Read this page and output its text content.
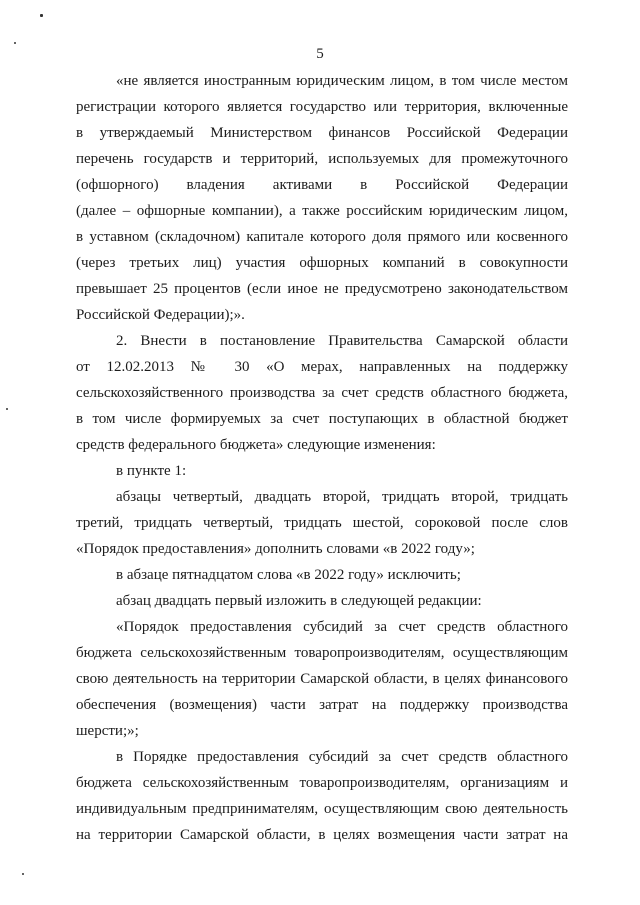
5
«не является иностранным юридическим лицом, в том числе местом
регистрации которого является государство или территория, включенные
в утверждаемый Министерством финансов Российской Федерации
перечень государств и территорий, используемых для промежуточного
(офшорного) владения активами в Российской Федерации
(далее – офшорные компании), а также российским юридическим лицом,
в уставном (складочном) капитале которого доля прямого или косвенного
(через третьих лиц) участия офшорных компаний в совокупности
превышает 25 процентов (если иное не предусмотрено законодательством
Российской Федерации);».
2. Внести в постановление Правительства Самарской области
от 12.02.2013 № 30 «О мерах, направленных на поддержку
сельскохозяйственного производства за счет средств областного бюджета,
в том числе формируемых за счет поступающих в областной бюджет
средств федерального бюджета» следующие изменения:
в пункте 1:
абзацы четвертый, двадцать второй, тридцать второй, тридцать
третий, тридцать четвертый, тридцать шестой, сороковой после слов
«Порядок предоставления» дополнить словами «в 2022 году»;
в абзаце пятнадцатом слова «в 2022 году» исключить;
абзац двадцать первый изложить в следующей редакции:
«Порядок предоставления субсидий за счет средств областного
бюджета сельскохозяйственным товаропроизводителям, осуществляющим
свою деятельность на территории Самарской области, в целях финансового
обеспечения (возмещения) части затрат на поддержку производства
шерсти;»;
в Порядке предоставления субсидий за счет средств областного
бюджета сельскохозяйственным товаропроизводителям, организациям и
индивидуальным предпринимателям, осуществляющим свою деятельность
на территории Самарской области, в целях возмещения части затрат на
